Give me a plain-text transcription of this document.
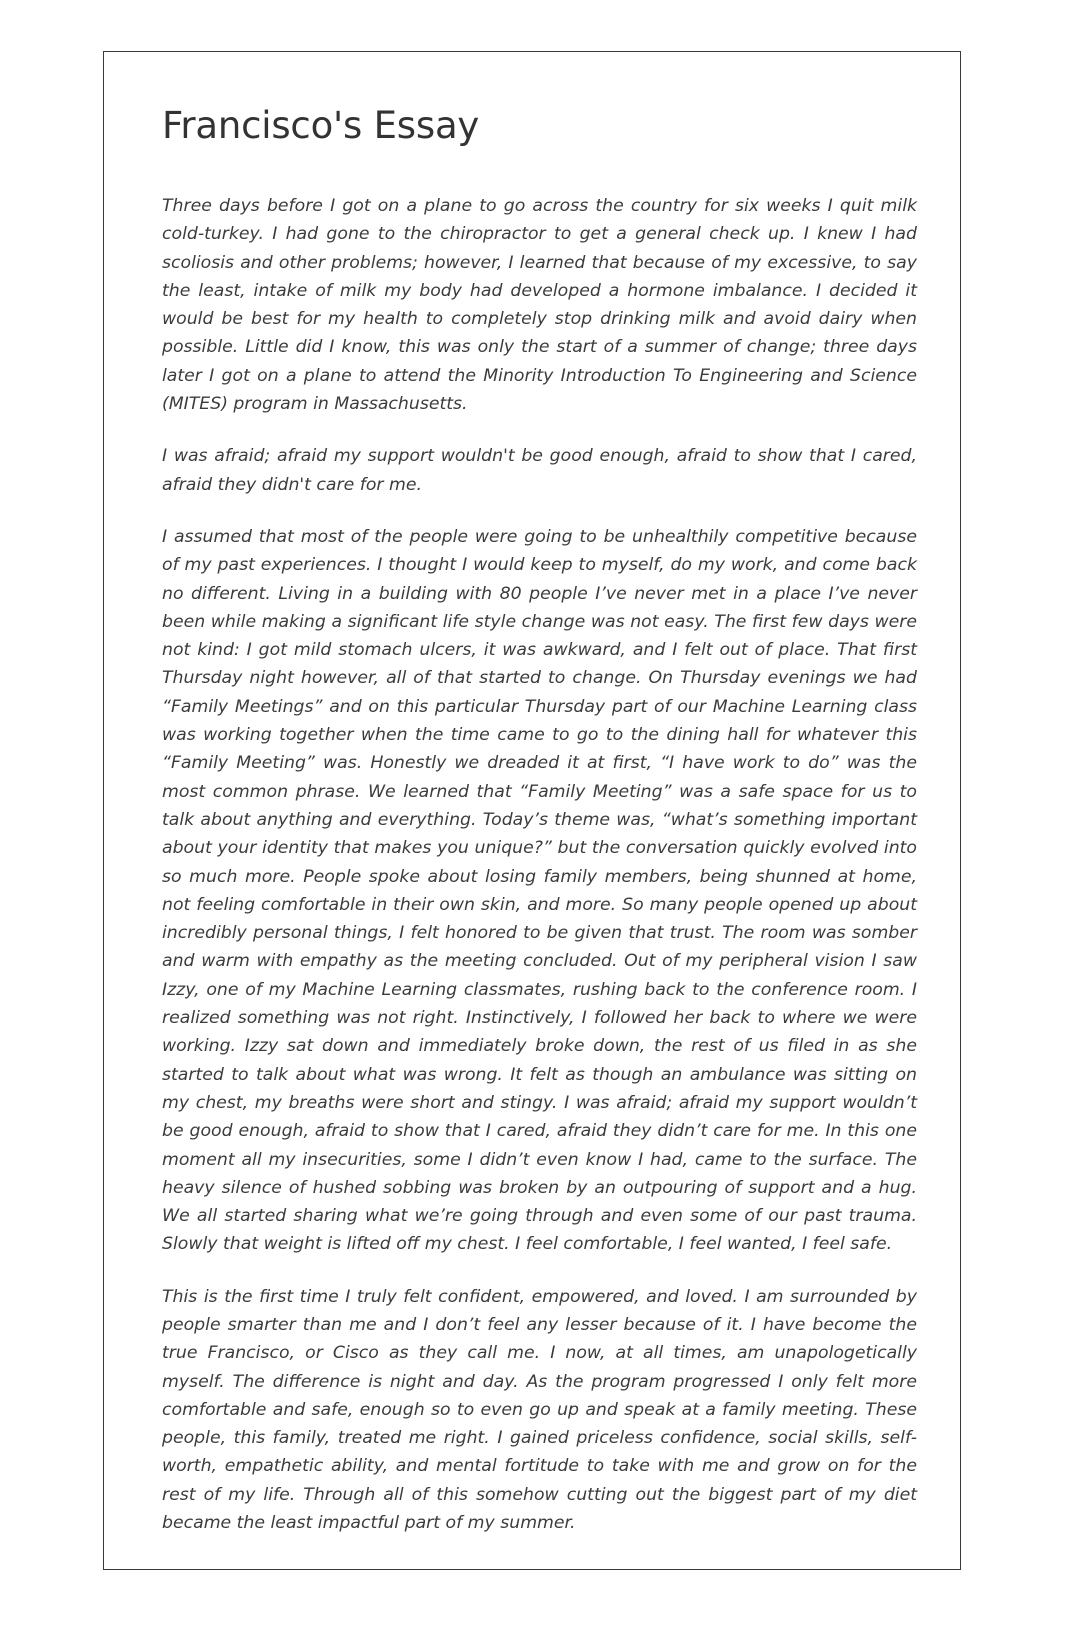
Francisco's Essay

Three days before I got on a plane to go across the country for six weeks I quit milk cold-turkey. I had gone to the chiropractor to get a general check up. I knew I had scoliosis and other problems; however, I learned that because of my excessive, to say the least, intake of milk my body had developed a hormone imbalance. I decided it would be best for my health to completely stop drinking milk and avoid dairy when possible. Little did I know, this was only the start of a summer of change; three days later I got on a plane to attend the Minority Introduction To Engineering and Science (MITES) program in Massachusetts.

I was afraid; afraid my support wouldn't be good enough, afraid to show that I cared, afraid they didn't care for me.

I assumed that most of the people were going to be unhealthily competitive because of my past experiences. I thought I would keep to myself, do my work, and come back no different. Living in a building with 80 people I’ve never met in a place I’ve never been while making a significant life style change was not easy. The first few days were not kind: I got mild stomach ulcers, it was awkward, and I felt out of place. That first Thursday night however, all of that started to change. On Thursday evenings we had “Family Meetings” and on this particular Thursday part of our Machine Learning class was working together when the time came to go to the dining hall for whatever this “Family Meeting” was. Honestly we dreaded it at first, “I have work to do” was the most common phrase. We learned that “Family Meeting” was a safe space for us to talk about anything and everything. Today’s theme was, “what’s something important about your identity that makes you unique?” but the conversation quickly evolved into so much more. People spoke about losing family members, being shunned at home, not feeling comfortable in their own skin, and more. So many people opened up about incredibly personal things, I felt honored to be given that trust. The room was somber and warm with empathy as the meeting concluded. Out of my peripheral vision I saw Izzy, one of my Machine Learning classmates, rushing back to the conference room. I realized something was not right. Instinctively, I followed her back to where we were working. Izzy sat down and immediately broke down, the rest of us filed in as she started to talk about what was wrong. It felt as though an ambulance was sitting on my chest, my breaths were short and stingy. I was afraid; afraid my support wouldn’t be good enough, afraid to show that I cared, afraid they didn’t care for me. In this one moment all my insecurities, some I didn’t even know I had, came to the surface. The heavy silence of hushed sobbing was broken by an outpouring of support and a hug. We all started sharing what we’re going through and even some of our past trauma. Slowly that weight is lifted off my chest. I feel comfortable, I feel wanted, I feel safe.

This is the first time I truly felt confident, empowered, and loved. I am surrounded by people smarter than me and I don’t feel any lesser because of it. I have become the true Francisco, or Cisco as they call me. I now, at all times, am unapologetically myself. The difference is night and day. As the program progressed I only felt more comfortable and safe, enough so to even go up and speak at a family meeting. These people, this family, treated me right. I gained priceless confidence, social skills, self-worth, empathetic ability, and mental fortitude to take with me and grow on for the rest of my life. Through all of this somehow cutting out the biggest part of my diet became the least impactful part of my summer.
